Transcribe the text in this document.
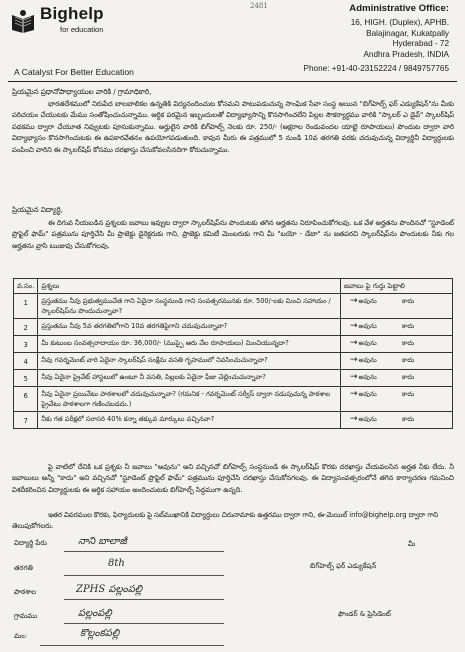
2481
Bighelp
for education
A Catalyst For Better Education
Administrative Office:
16, HIGH. (Duplex), APHB.
Balajinagar, Kukatpally
Hyderabad - 72
Andhra Pradesh, INDIA
Phone: +91-40-23152224 / 9849757765
ప్రియమైన ప్రధానోపాధ్యాయుల వారికి / గ్రామాధికారి,
భారతదేశములో నిరుపేద బాలబాలికల ఉన్నతికి విద్యనందించుట కోసమని పాటుపడుచున్న సాంఘిక సేవా సంస్థ అయిన "బిగ్‌హెల్ప్ ఫర్ ఎడ్యుకేషన్"ను మీకు పరిచయం చేయుటకు మేము సంతోషించుచున్నాము. ఆర్థిక పరమైన ఇబ్బందులతో విద్యాభ్యాసాన్ని కొనసాగించలేని పిల్లల సౌకర్యార్థము వారికి "స్కాలర్ ఎ డైవ్" స్కాలర్‌షిప్ పథకము ద్వారా చేయూత నివ్వుటకు పూనుకున్నాము. అర్హులైన వారికి బిగ్‌హెల్ప్ నెలకు రూ. 250/- (అక్షరాల రెండువందల యాభై రూపాయలు) పొందుట ద్వారా వారి విద్యాభ్యాసం కొనసాగించుటకు ఈ ఉపకారవేతనం ఉపయోగపడుతుంది. కావున మీరు ఈ పత్రములో 5 నుండి 10వ తరగతి వరకు చదువుచున్న విద్యార్థినీ విద్యార్థులకు పంపించి వారిని ఈ స్కాలర్‌షిప్ కోసము దరఖాస్తు చేసుకోవలసినదిగా కోరుచున్నాము.
ప్రియమైన విద్యార్థి,
ఈ దిగువ నీయబడిన ప్రశ్నలకు జవాబు ఇవ్వుట ద్వారా స్కాలర్‌షిప్‌ను పొందుటకు తగిన అర్హతను నిరూపించుకోగలవు. ఒక వేళ అర్హతను పొందినచో "స్టూడెంట్ ప్రొఫైల్ ఫామ్" పత్రమును పూర్తిచేసి మీ ప్రాజెక్టు డైరెక్టరుకు గాని, ప్రాజెక్టు కమిటీ మెంబరుకు గాని మీ "బయో - డేటా" ను జతపరచి స్కాలర్‌షిప్‌ను పొందుటకు నీకు గల అర్హతను వ్రాసి ఋజువు చేసుకోగలవు.
వ.సం.	ప్రశ్నలు	జవాబు పై గుర్తు పెట్టాలి
1	ప్రస్తుతము నీవు ప్రభుత్వముచేత గాని ఏదైనా సంస్థనుండి గాని సంవత్సరమునకు రూ. 500/-లకు మించి సహాయం / స్కాలర్‌షిప్‌ను పొందుచున్నావా?	→అవును కాదు
2	ప్రస్తుతము నీవు 5వ తరగతిలోగాని 10వ తరగతిపైగాని చదువుచున్నావా?	→అవును కాదు
3	మీ కుటుంబ సంవత్సరాదాయం రూ. 36,000/- (ముప్పై ఆరు వేల రూపాయలు) మించియున్నదా?	→అవును కాదు
4	నీవు గవర్నమెంట్ వారి ఏదైనా స్కాలర్‌షిప్ సంక్షేమ వసతి గృహములో నివసించుచున్నావా?	→అవును కాదు
5	నీవు ఏదైనా ప్రైవేట్ హాస్టలులో ఉంటూ నీ వసతి, పిల్లలకు ఏదైనా ఫీజు చెల్లించుచున్నావా?	→అవును కాదు
6	నీవు ఏదైనా ప్రయివేటు పాఠశాలలో చదువుచున్నావా? (గమనిక - గవర్నమెంట్ సర్వీస్ ద్వారా నడుపుచున్న పాఠశాల ప్రైవేటు పాఠశాలగా గణించబడదు.)	→అవును కాదు
7	నీకు గత పరీక్షలో సరాసరి 40% కన్నా తక్కువ మార్కులు వచ్చినవా?	→అవును కాదు
పై వాటిలో దేనికి ఒక ప్రశ్నకు నీ జవాబు "అవును" అని వచ్చినచో బిగ్‌హెల్ప్ సంస్థనుండి ఈ స్కాలర్‌షిప్ కొరకు దరఖాస్తు చేయవలసిన అర్హత నీకు లేదు. నీ జవాబులు అన్నీ "కాదు" అని వచ్చినచో "స్టూడెంట్ ప్రొఫైల్ ఫామ్" పత్రమును పూర్తిచేసి దరఖాస్తు చేసుకోనగలవు. ఈ విద్యాసంవత్సరంలోనే తగిన కార్యాచరణ గమనించి విశదీకరించిన విద్యార్థులకు ఈ ఆర్థిక సహాయం అందించుటకు బిగ్‌హెల్ప్ సిద్ధముగా ఉన్నది.
ఇతర వివరముల కొరకు, ఫిర్యాదులకు పై సబ్‌ముఖానికి విద్యార్థులు చిరునామాకు ఉత్తరము ద్వారా గాని, ఈ-మెయిల్ info@bighelp.org ద్వారా గాని తెలుపుకోగలరు.
విద్యార్థి పేరు	నాని బాలాజీ	మీ
బిగ్‌హెల్ప్ ఫర్ ఎడ్యుకేషన్
తరగతి	8th
పాఠశాల	ZPHS పల్లంపల్లి
గ్రామము	పల్లంపల్లి	ఫౌండర్ & ప్రెసిడెంట్
మం:	కొల్లంకపల్లి
